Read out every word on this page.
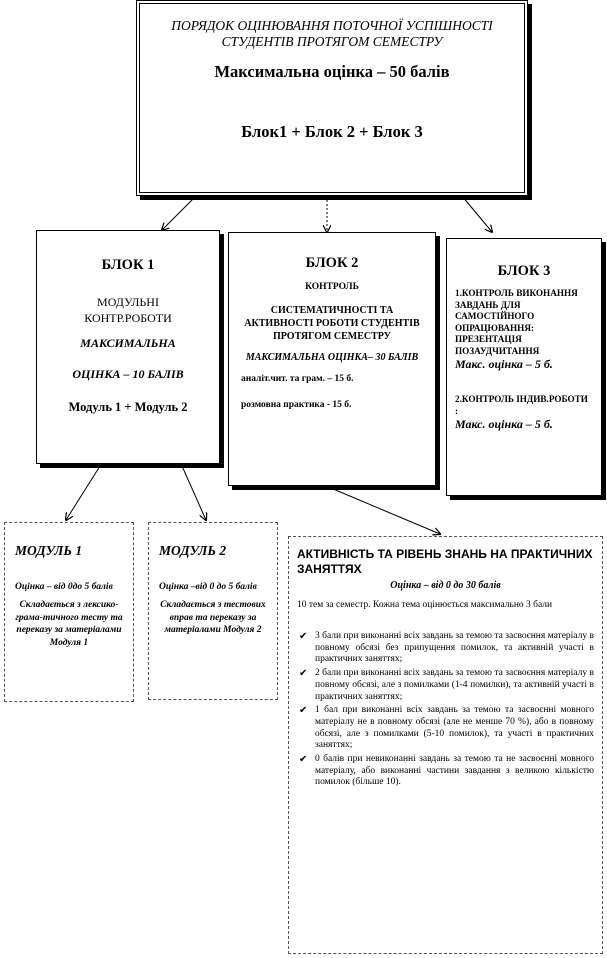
ПОРЯДОК ОЦІНЮВАННЯ ПОТОЧНОЇ УСПІШНОСТІ СТУДЕНТІВ ПРОТЯГОМ СЕМЕСТРУ
Максимальна оцінка – 50 балів
Блок1 + Блок 2 + Блок 3
БЛОК 1
МОДУЛЬНІ
КОНТР.РОБОТИ
МАКСИМАЛЬНА
ОЦІНКА – 10 БАЛІВ
Модуль 1 + Модуль 2
БЛОК 2
КОНТРОЛЬ
СИСТЕМАТИЧНОСТІ ТА АКТИВНОСТІ РОБОТИ СТУДЕНТІВ ПРОТЯГОМ СЕМЕСТРУ
МАКСИМАЛЬНА ОЦІНКА– 30 БАЛІВ
аналіт.чит. та грам. – 15 б.
розмовна практика - 15 б.
БЛОК 3
1.КОНТРОЛЬ ВИКОНАННЯ ЗАВДАНЬ ДЛЯ САМОСТІЙНОГО ОПРАЦЮВАННЯ: ПРЕЗЕНТАЦІЯ ПОЗАУДЧИТАННЯ
Макс. оцінка – 5 б.
2.КОНТРОЛЬ ІНДИВ.РОБОТИ :
Макс. оцінка – 5 б.
МОДУЛЬ 1
Оцінка – від 0до 5 балів
Складається з лексико-грама-тичного тесту та переказу за матеріалами Модуля 1
МОДУЛЬ 2
Оцінка –від 0 до 5 балів
Складається з тестових вправ та переказу за матеріалами Модуля 2
АКТИВНІСТЬ ТА РІВЕНЬ ЗНАНЬ НА ПРАКТИЧНИХ ЗАНЯТТЯХ
Оцінка – від 0 до 30 балів
10 тем за семестр. Кожна тема оцінюється максимально 3 бали
✔ 3 бали при виконанні всіх завдань за темою та засвоєння матеріалу в повному обсязі без припущення помилок, та активній участі в практичних заняттях;
✔ 2 бали при виконанні всіх завдань за темою та засвоєння матеріалу в повному обсязі, але з помилками (1-4 помилки), та активній участі в практичних заняттях;
✔ 1 бал при виконанні всіх завдань за темою та засвоєнні мовного матеріалу не в повному обсязі (але не менше 70 %), або в повному обсязі, але з помилками (5-10 помилок), та участі в практичних заняттях;
✔ 0 балів при невиконанні завдань за темою та не засвоєнні мовного матеріалу, або виконанні частини завдання з великою кількістю помилок (більше 10).
